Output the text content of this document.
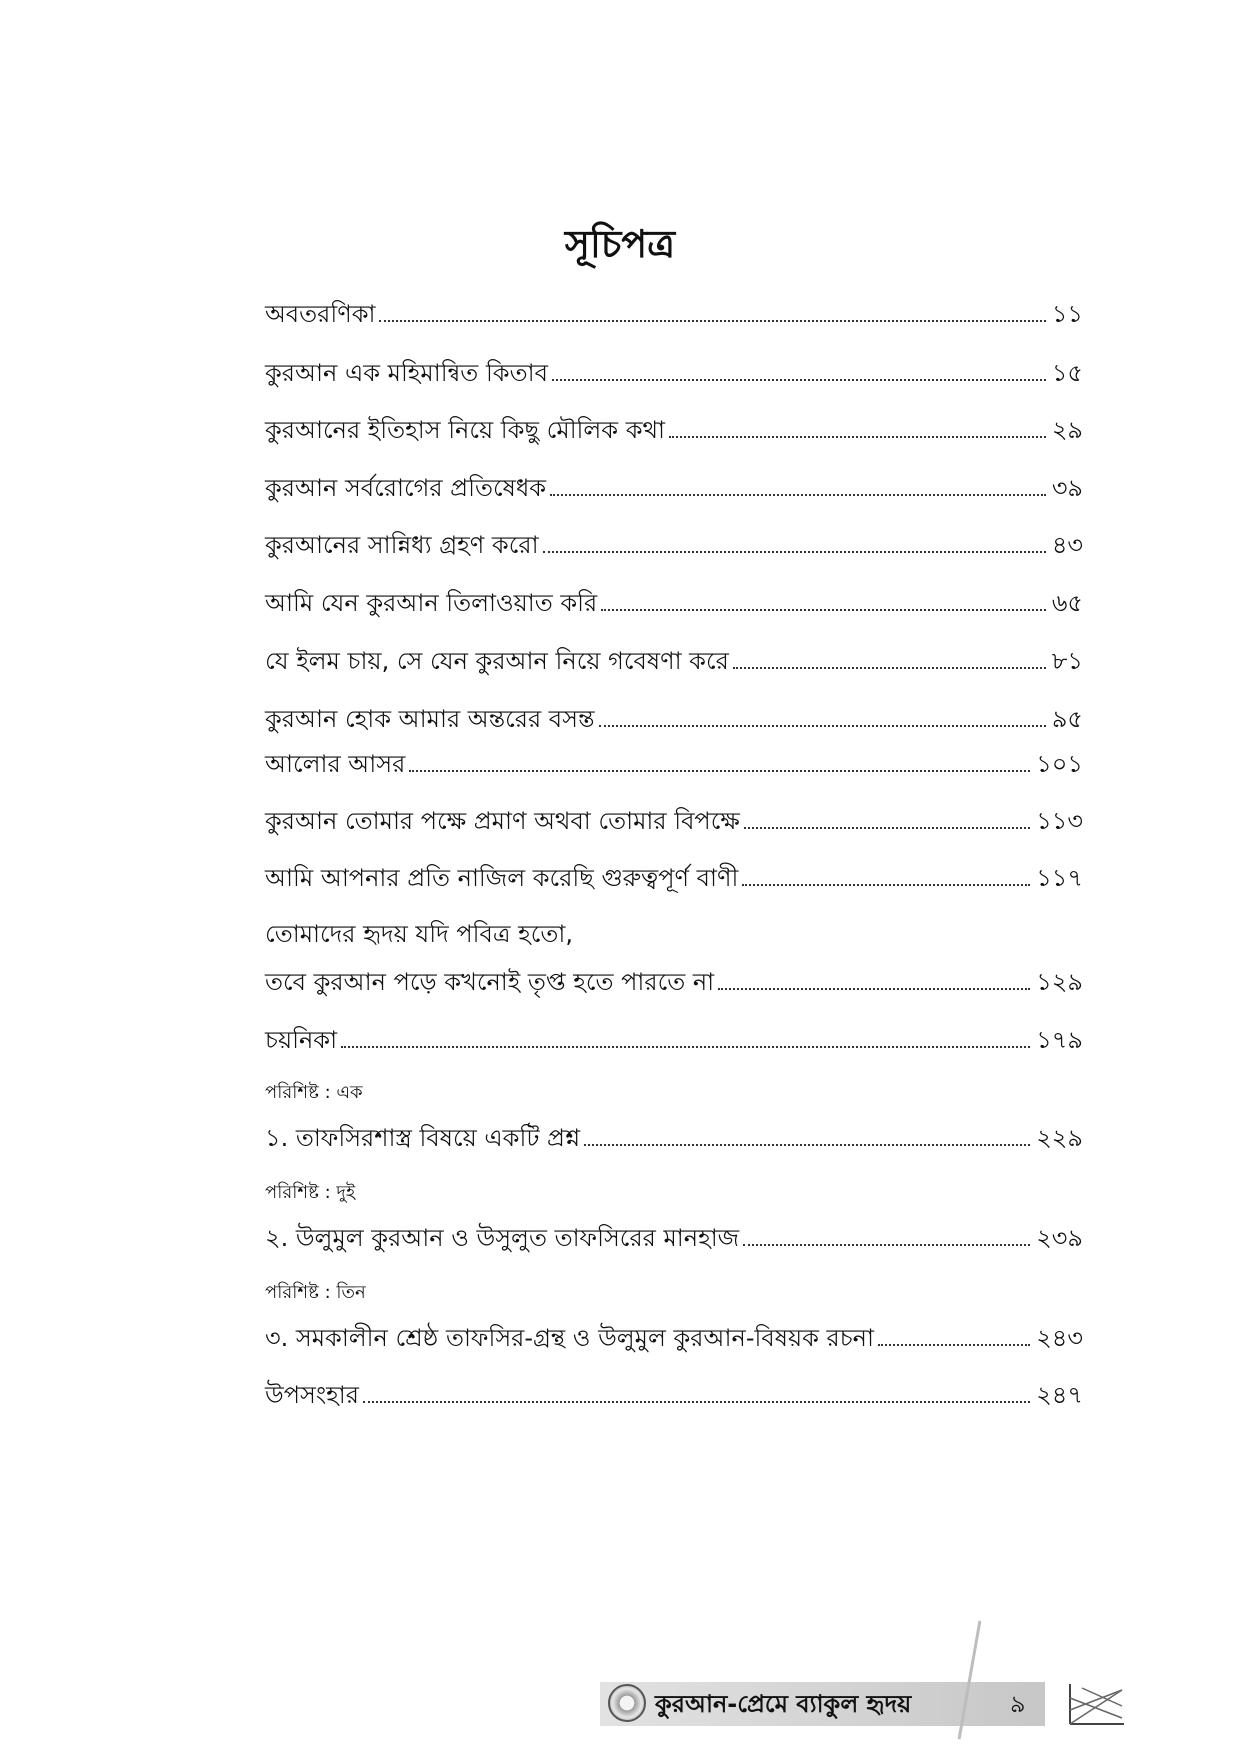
সূচিপত্র
অবতরণিকা	১১
কুরআন এক মহিমান্বিত কিতাব	১৫
কুরআনের ইতিহাস নিয়ে কিছু মৌলিক কথা	২৯
কুরআন সর্বরোগের প্রতিষেধক	৩৯
কুরআনের সান্নিধ্য গ্রহণ করো	৪৩
আমি যেন কুরআন তিলাওয়াত করি	৬৫
যে ইলম চায়, সে যেন কুরআন নিয়ে গবেষণা করে	৮১
কুরআন হোক আমার অন্তরের বসন্ত	৯৫
আলোর আসর	১০১
কুরআন তোমার পক্ষে প্রমাণ অথবা তোমার বিপক্ষে	১১৩
আমি আপনার প্রতি নাজিল করেছি গুরুত্বপূর্ণ বাণী	১১৭
তোমাদের হৃদয় যদি পবিত্র হতো,
তবে কুরআন পড়ে কখনোই তৃপ্ত হতে পারতে না	১২৯
চয়নিকা	১৭৯
পরিশিষ্ট : এক
১. তাফসিরশাস্ত্র বিষয়ে একটি প্রশ্ন	২২৯
পরিশিষ্ট : দুই
২. উলুমুল কুরআন ও উসুলুত তাফসিরের মানহাজ	২৩৯
পরিশিষ্ট : তিন
৩. সমকালীন শ্রেষ্ঠ তাফসির-গ্রন্থ ও উলুমুল কুরআন-বিষয়ক রচনা	২৪৩
উপসংহার	২৪৭
কুরআন-প্রেমে ব্যাকুল হৃদয়	৯
